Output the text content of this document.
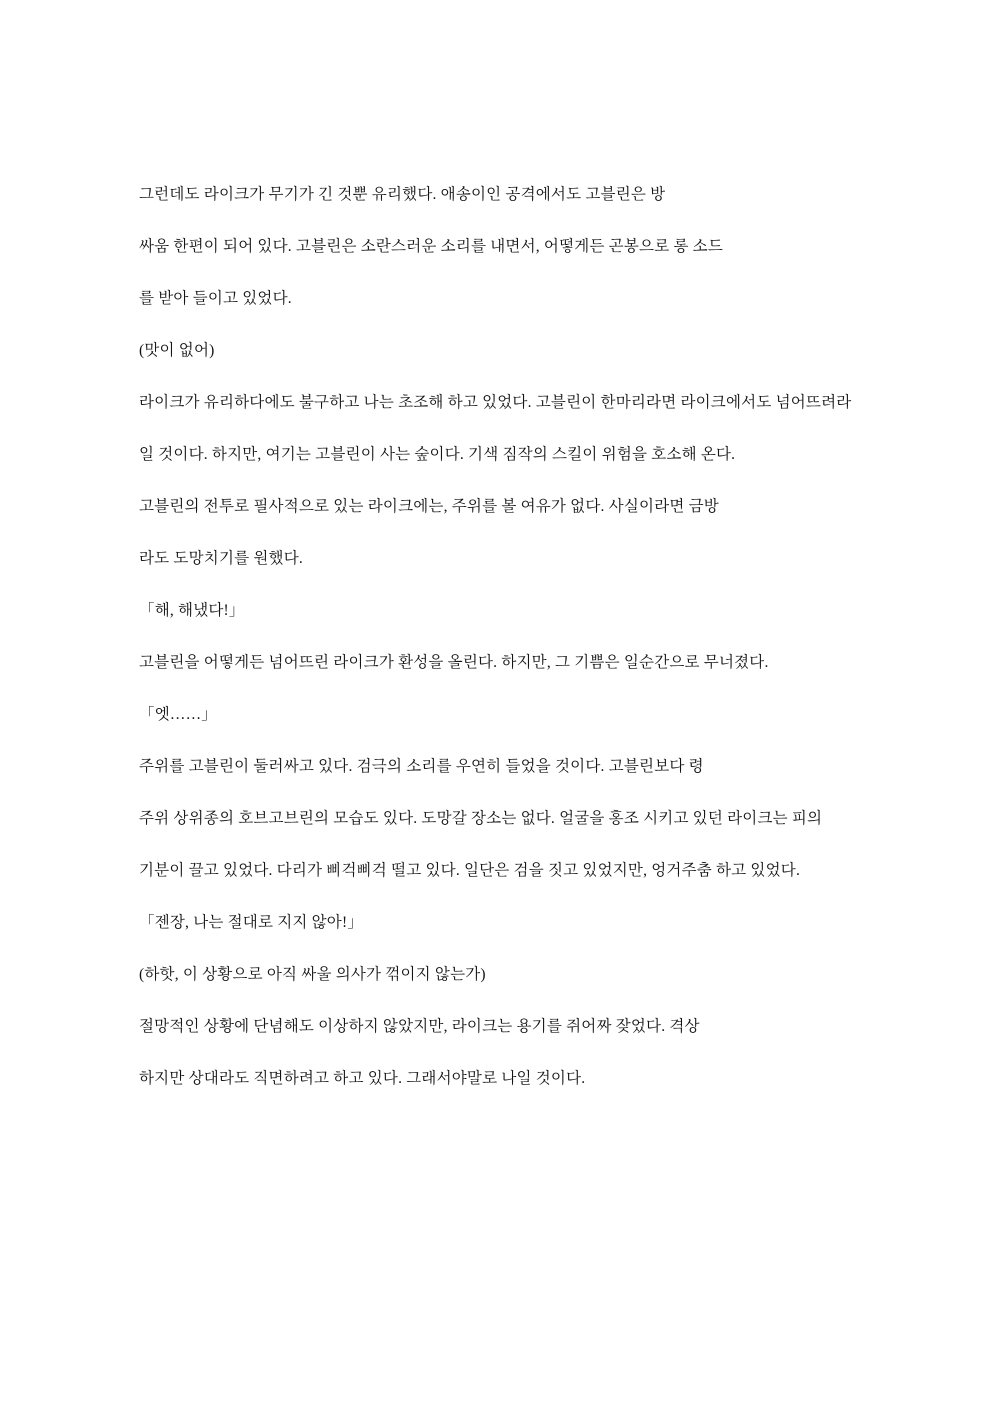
그런데도 라이크가 무기가 긴 것뿐 유리했다. 애송이인 공격에서도 고블린은 방

싸움 한편이 되어 있다. 고블린은 소란스러운 소리를 내면서, 어떻게든 곤봉으로 롱 소드

를 받아 들이고 있었다.

(맛이 없어)

라이크가 유리하다에도 불구하고 나는 초조해 하고 있었다. 고블린이 한마리라면 라이크에서도 넘어뜨려라

일 것이다. 하지만, 여기는 고블린이 사는 숲이다. 기색 짐작의 스킬이 위험을 호소해 온다.

고블린의 전투로 필사적으로 있는 라이크에는, 주위를 볼 여유가 없다. 사실이라면 금방

라도 도망치기를 원했다.

「해, 해냈다!」

고블린을 어떻게든 넘어뜨린 라이크가 환성을 올린다. 하지만, 그 기쁨은 일순간으로 무너졌다.

「엣……」

주위를 고블린이 둘러싸고 있다. 검극의 소리를 우연히 들었을 것이다. 고블린보다 령

주위 상위종의 호브고브린의 모습도 있다. 도망갈 장소는 없다. 얼굴을 홍조 시키고 있던 라이크는 피의

기분이 끌고 있었다. 다리가 삐걱삐걱 떨고 있다. 일단은 검을 짓고 있었지만, 엉거주춤 하고 있었다.

「젠장, 나는 절대로 지지 않아!」

(하핫, 이 상황으로 아직 싸울 의사가 꺾이지 않는가)

절망적인 상황에 단념해도 이상하지 않았지만, 라이크는 용기를 쥐어짜 잦었다. 격상

하지만 상대라도 직면하려고 하고 있다. 그래서야말로 나일 것이다.
